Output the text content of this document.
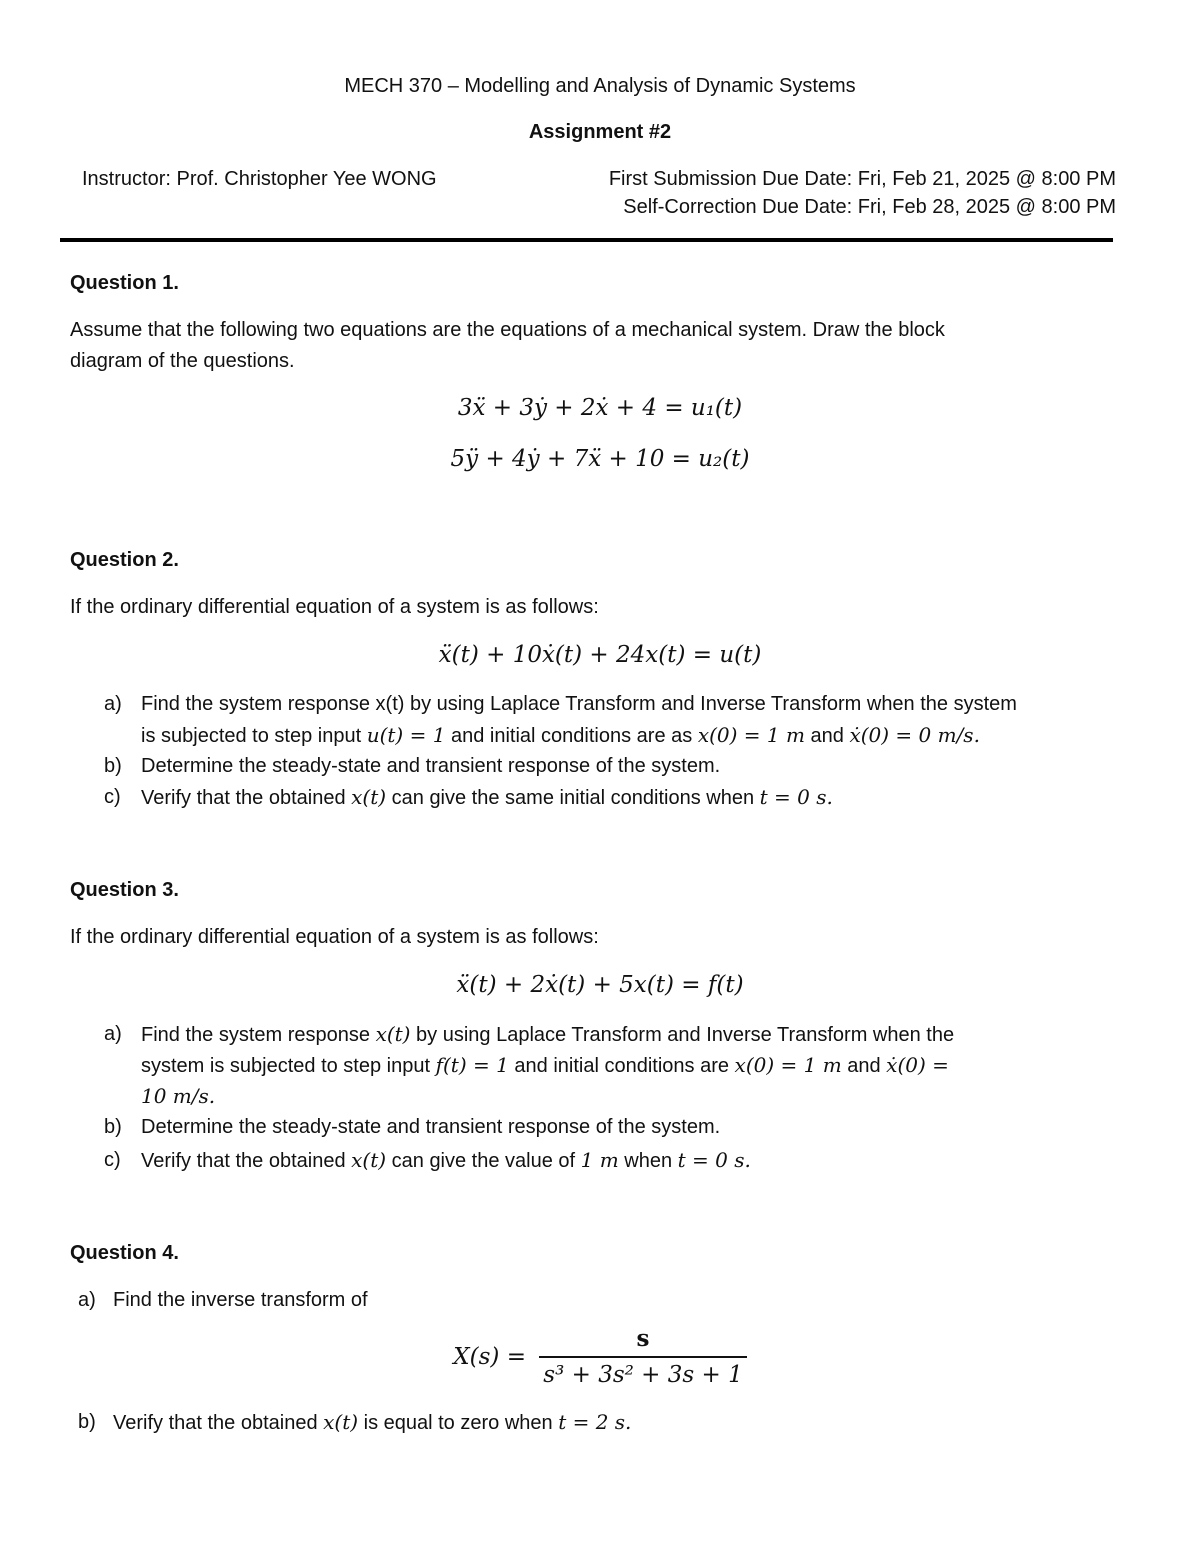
MECH 370 – Modelling and Analysis of Dynamic Systems
Assignment #2
Instructor: Prof. Christopher Yee WONG	First Submission Due Date: Fri, Feb 21, 2025 @ 8:00 PM
Self-Correction Due Date: Fri, Feb 28, 2025 @ 8:00 PM
Question 1.
Assume that the following two equations are the equations of a mechanical system. Draw the block
diagram of the questions.
3ẍ + 3ẏ + 2ẋ + 4 = u₁(t)
5ÿ + 4ẏ + 7ẍ + 10 = u₂(t)
Question 2.
If the ordinary differential equation of a system is as follows:
ẍ(t) + 10ẋ(t) + 24x(t) = u(t)
a) Find the system response x(t) by using Laplace Transform and Inverse Transform when the system
is subjected to step input u(t) = 1 and initial conditions are as x(0) = 1 m and ẋ(0) = 0 m/s.
b) Determine the steady-state and transient response of the system.
c) Verify that the obtained x(t) can give the same initial conditions when t = 0 s.
Question 3.
If the ordinary differential equation of a system is as follows:
ẍ(t) + 2ẋ(t) + 5x(t) = f(t)
a) Find the system response x(t) by using Laplace Transform and Inverse Transform when the
system is subjected to step input f(t) = 1 and initial conditions are x(0) = 1 m and ẋ(0) =
10 m/s.
b) Determine the steady-state and transient response of the system.
c) Verify that the obtained x(t) can give the value of 1 m when t = 0 s.
Question 4.
a) Find the inverse transform of
$X(s) = \frac{s}{\text{s³ + 3s² + 3s + 1}}$
b) Verify that the obtained x(t) is equal to zero when t = 2 s.
